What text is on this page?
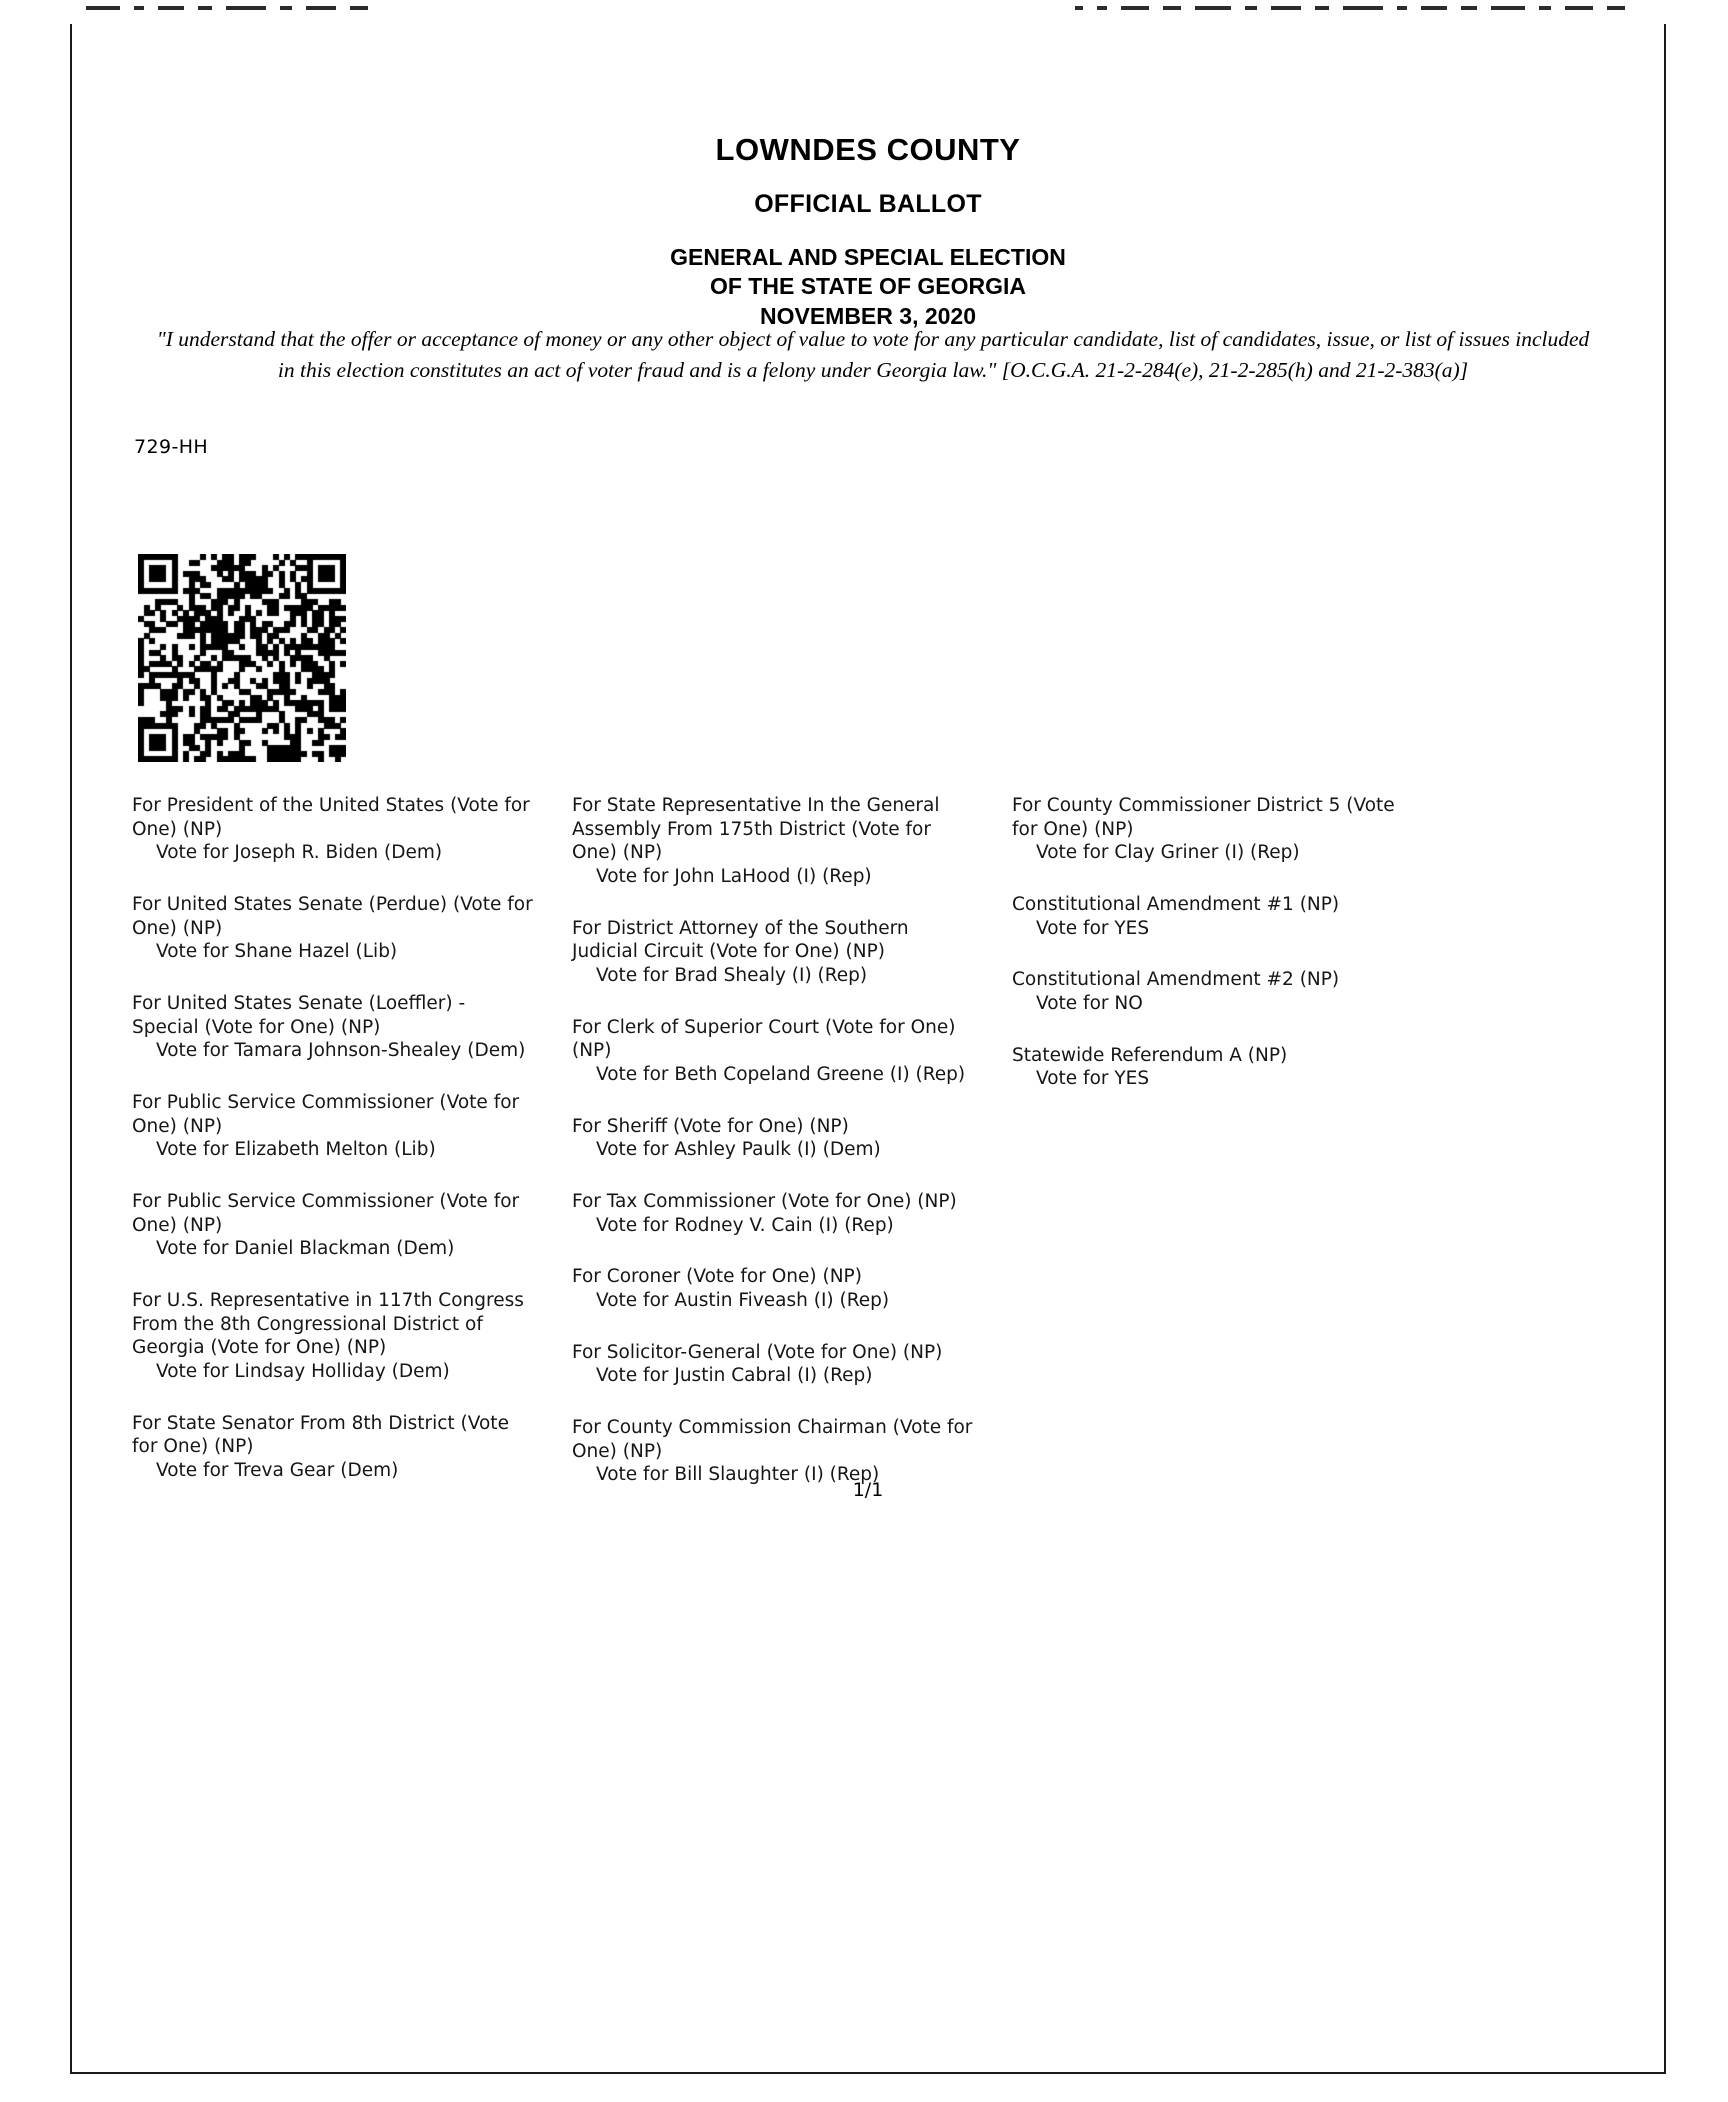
LOWNDES COUNTY
OFFICIAL BALLOT
GENERAL AND SPECIAL ELECTION
OF THE STATE OF GEORGIA
NOVEMBER 3, 2020
"I understand that the offer or acceptance of money or any other object of value to vote for any particular candidate, list of candidates, issue, or list of issues included in this election constitutes an act of voter fraud and is a felony under Georgia law." [O.C.G.A. 21-2-284(e), 21-2-285(h) and 21-2-383(a)]
729-HH
For President of the United States (Vote for One) (NP)
Vote for Joseph R. Biden (Dem)
For United States Senate (Perdue) (Vote for One) (NP)
Vote for Shane Hazel (Lib)
For United States Senate (Loeffler) - Special (Vote for One) (NP)
Vote for Tamara Johnson-Shealey (Dem)
For Public Service Commissioner (Vote for One) (NP)
Vote for Elizabeth Melton (Lib)
For Public Service Commissioner (Vote for One) (NP)
Vote for Daniel Blackman (Dem)
For U.S. Representative in 117th Congress From the 8th Congressional District of Georgia (Vote for One) (NP)
Vote for Lindsay Holliday (Dem)
For State Senator From 8th District (Vote for One) (NP)
Vote for Treva Gear (Dem)
For State Representative In the General Assembly From 175th District (Vote for One) (NP)
Vote for John LaHood (I) (Rep)
For District Attorney of the Southern Judicial Circuit (Vote for One) (NP)
Vote for Brad Shealy (I) (Rep)
For Clerk of Superior Court (Vote for One) (NP)
Vote for Beth Copeland Greene (I) (Rep)
For Sheriff (Vote for One) (NP)
Vote for Ashley Paulk (I) (Dem)
For Tax Commissioner (Vote for One) (NP)
Vote for Rodney V. Cain (I) (Rep)
For Coroner (Vote for One) (NP)
Vote for Austin Fiveash (I) (Rep)
For Solicitor-General (Vote for One) (NP)
Vote for Justin Cabral (I) (Rep)
For County Commission Chairman (Vote for One) (NP)
Vote for Bill Slaughter (I) (Rep)
For County Commissioner District 5 (Vote for One) (NP)
Vote for Clay Griner (I) (Rep)
Constitutional Amendment #1 (NP)
Vote for YES
Constitutional Amendment #2 (NP)
Vote for NO
Statewide Referendum A (NP)
Vote for YES
1/1
